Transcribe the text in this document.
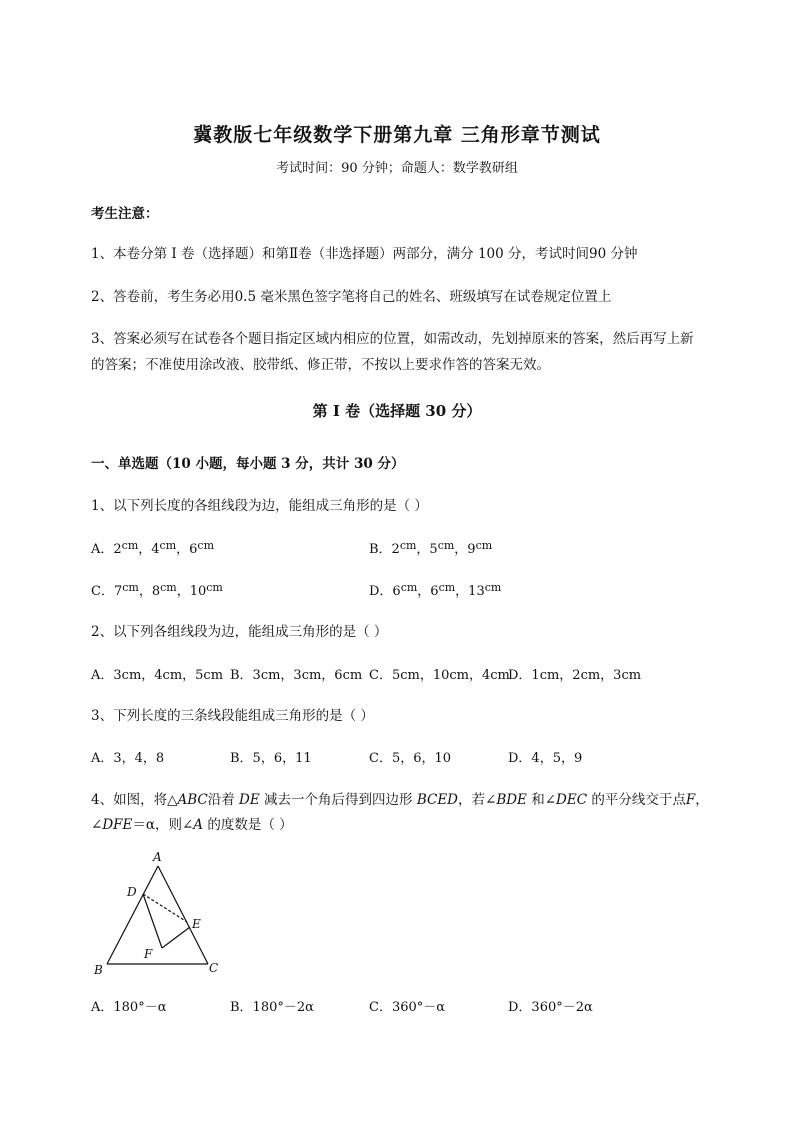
冀教版七年级数学下册第九章 三角形章节测试
考试时间：90 分钟；命题人：数学教研组
考生注意：
1、本卷分第 I 卷（选择题）和第Ⅱ卷（非选择题）两部分，满分 100 分，考试时间90 分钟
2、答卷前，考生务必用0.5 毫米黑色签字笔将自己的姓名、班级填写在试卷规定位置上
3、答案必须写在试卷各个题目指定区域内相应的位置，如需改动，先划掉原来的答案，然后再写上新
的答案；不准使用涂改液、胶带纸、修正带，不按以上要求作答的答案无效。
第 I 卷（选择题 30 分）
一、单选题（10 小题，每小题 3 分，共计 30 分）
1、以下列长度的各组线段为边，能组成三角形的是（ ）
A．$2^{cm}$，$4^{cm}$，$6^{cm}$	B．$2^{cm}$，$5^{cm}$，$9^{cm}$
C．$7^{cm}$，$8^{cm}$，$10^{cm}$	D．$6^{cm}$，$6^{cm}$，$13^{cm}$
2、以下列各组线段为边，能组成三角形的是（ ）
A．3cm，4cm，5cm B．3cm，3cm，6cm C．5cm，10cm，4cm
D．1cm，2cm，3cm
3、下列长度的三条线段能组成三角形的是（ ）
A．3，4，8	B．5，6，11	C．5，6，10	D．4，5，9
4、如图，将△ABC沿着 DE 减去一个角后得到四边形 BCED，若∠BDE 和∠DEC 的平分线交于点F，
∠DFE＝α，则∠A 的度数是（ ）
A
B	C
D
E
F
A．180°－α	B．180°－2α	C．360°－α	D．360°－2α
